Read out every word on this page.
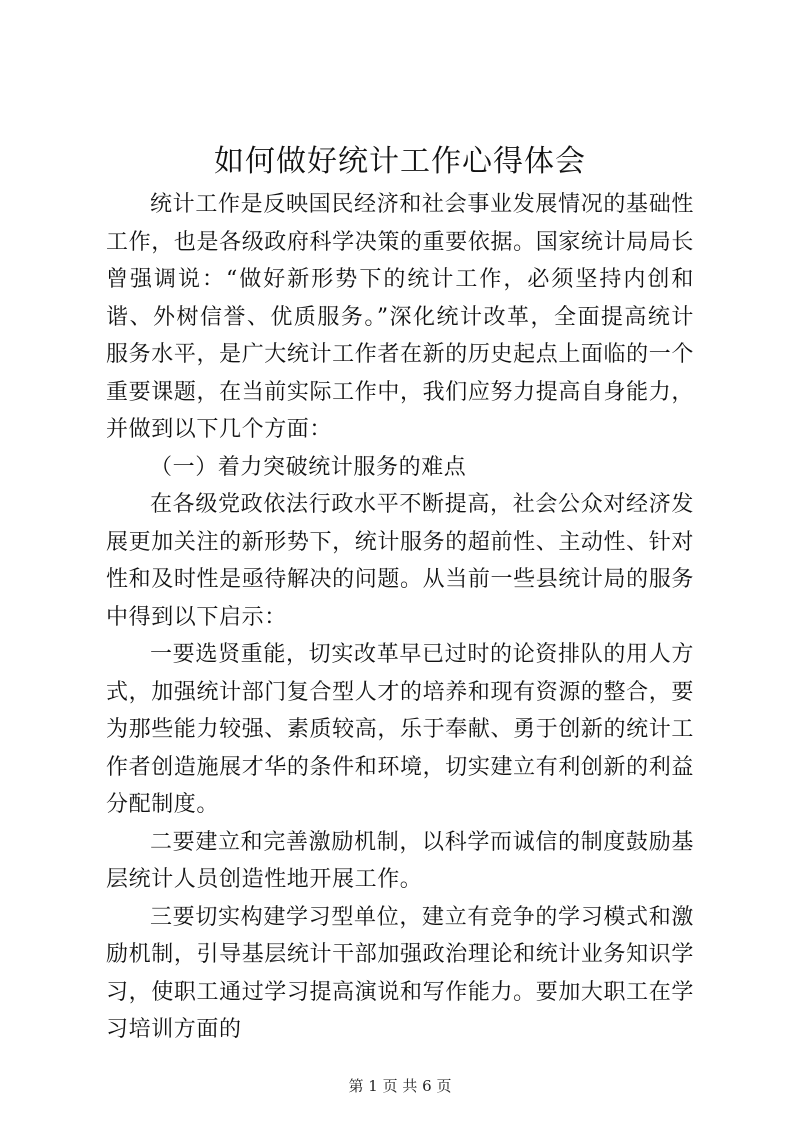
如何做好统计工作心得体会

统计工作是反映国民经济和社会事业发展情况的基础性工作，也是各级政府科学决策的重要依据。国家统计局局长曾强调说：“做好新形势下的统计工作，必须坚持内创和谐、外树信誉、优质服务。”深化统计改革，全面提高统计服务水平，是广大统计工作者在新的历史起点上面临的一个重要课题，在当前实际工作中，我们应努力提高自身能力，并做到以下几个方面：

（一）着力突破统计服务的难点

在各级党政依法行政水平不断提高，社会公众对经济发展更加关注的新形势下，统计服务的超前性、主动性、针对性和及时性是亟待解决的问题。从当前一些县统计局的服务中得到以下启示：

一要选贤重能，切实改革早已过时的论资排队的用人方式，加强统计部门复合型人才的培养和现有资源的整合，要为那些能力较强、素质较高，乐于奉献、勇于创新的统计工作者创造施展才华的条件和环境，切实建立有利创新的利益分配制度。

二要建立和完善激励机制，以科学而诚信的制度鼓励基层统计人员创造性地开展工作。

三要切实构建学习型单位，建立有竞争的学习模式和激励机制，引导基层统计干部加强政治理论和统计业务知识学习，使职工通过学习提高演说和写作能力。要加大职工在学习培训方面的

第 1 页 共 6 页
